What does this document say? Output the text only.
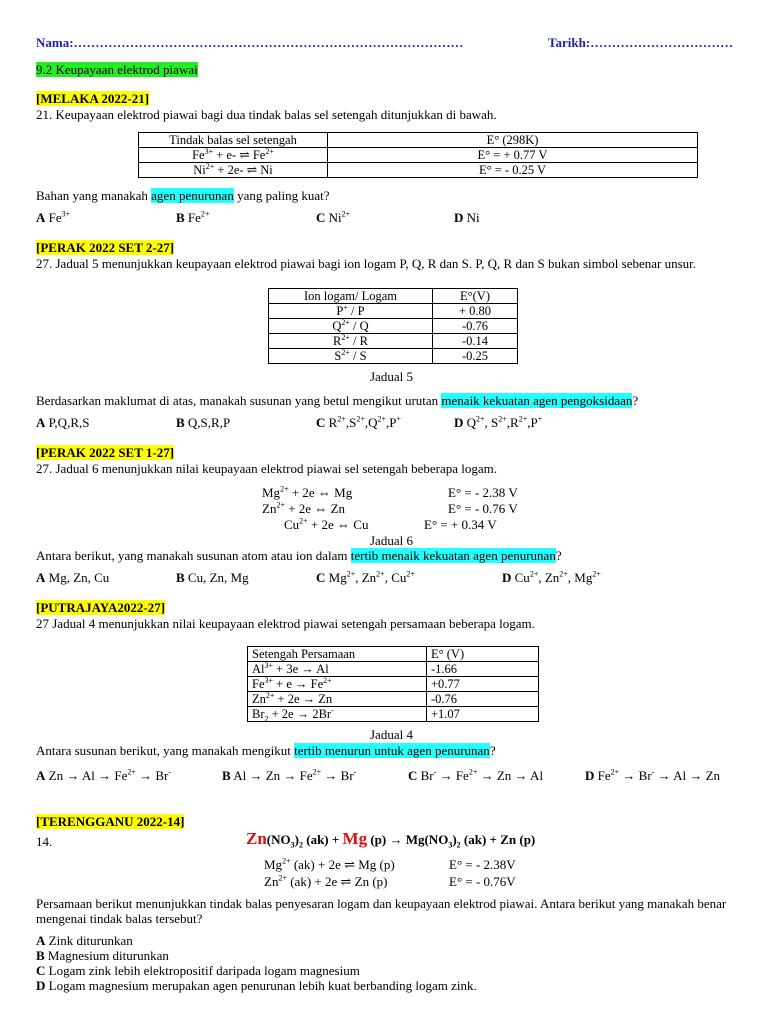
Nama:………………………………………………………………………………	Tarikh:……………………………
9.2 Keupayaan elektrod piawai
[MELAKA 2022-21]
21. Keupayaan elektrod piawai bagi dua tindak balas sel setengah ditunjukkan di bawah.
Tindak balas sel setengah	E° (298K)
$Fe^{3+} + e-$ ⇌ $Fe^{2+}$	E° = + 0.77 V
$Ni^{2+} + 2e-$ ⇌ Ni	E° = - 0.25 V
Bahan yang manakah agen penurunan yang paling kuat?
A $Fe^{3+}$	B $Fe^{2+}$	C $Ni^{2+}$	D Ni
[PERAK 2022 SET 2-27]
27. Jadual 5 menunjukkan keupayaan elektrod piawai bagi ion logam P, Q, R dan S. P, Q, R dan S bukan simbol sebenar unsur.
Ion logam/ Logam	E°(V)
P+ / P	+ 0.80
$Q^{2+}$ / Q	-0.76
$R^{2+}$ / R	-0.14
$S^{2+}$ / S	-0.25
Jadual 5
Berdasarkan maklumat di atas, manakah susunan yang betul mengikut urutan menaik kekuatan agen pengoksidaan?
A P,Q,R,S	B Q,S,R,P	C $R^{2+},S^{2+},Q^{2+},P^+$	D $Q^{2+}$, $S^{2+},R^{2+},P^+$
[PERAK 2022 SET 1-27]
27. Jadual 6 menunjukkan nilai keupayaan elektrod piawai sel setengah beberapa logam.
$Mg^{2+} + 2e$ ⇔ Mg	E° = - 2.38 V
$Zn^{2+} + 2e$ ⇔ Zn	E° = - 0.76 V
$Cu^{2+} + 2e$ ⇔ Cu	E° = + 0.34 V
Jadual 6
Antara berikut, yang manakah susunan atom atau ion dalam tertib menaik kekuatan agen penurunan?
A Mg, Zn, Cu	B Cu, Zn, Mg	C $Mg^{2+}$, $Zn^{2+}$, $Cu^{2+}$	D $Cu^{2+}$, $Zn^{2+}$, $Mg^{2+}$
[PUTRAJAYA2022-27]
27 Jadual 4 menunjukkan nilai keupayaan elektrod piawai setengah persamaan beberapa logam.
Setengah Persamaan	E° (V)
$Al^{3+} + 3e \to Al$	-1.66
$Fe^{3+} + e \to Fe^{2+}$	+0.77
$Zn^{2+} + 2e \to Zn$	-0.76
$Br_2 + 2e \to 2Br^-$	+1.07
Jadual 4
Antara susunan berikut, yang manakah mengikut tertib menurun untuk agen penurunan?
A $Zn \to Al \to Fe^{2+} \to Br^-$	B $Al \to Zn \to Fe^{2+} \to Br^-$	C $Br^- \to Fe^{2+} \to Zn \to Al$	D $Fe^{2+} \to Br^- \to Al \to Zn$
[TERENGGANU 2022-14]
14.	$Zn(NO_3)_2$ (ak) + Mg $(p) \to Mg(NO_3)_2$ (ak) + Zn (p)
$Mg^{2+}$ (ak) + 2e ⇌ Mg (p)	E° = - 2.38V
$Zn^{2+}$ (ak) + 2e ⇌ Zn (p)	E° = - 0.76V
Persamaan berikut menunjukkan tindak balas penyesaran logam dan keupayaan elektrod piawai. Antara berikut yang manakah benar mengenai tindak balas tersebut?
A Zink diturunkan
B Magnesium diturunkan
C Logam zink lebih elektropositif daripada logam magnesium
D Logam magnesium merupakan agen penurunan lebih kuat berbanding logam zink.
